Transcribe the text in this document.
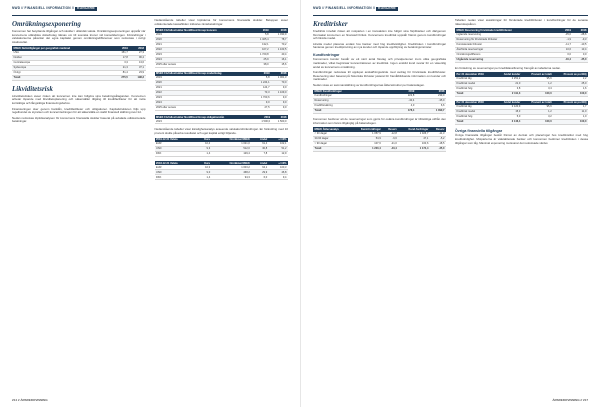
NWD // FINANSIELL INFORMATION // KONCERN
Omräkningsexponering

Koncernen har betydande tillgångar och skulder i utländsk valuta. Omräkningsexponeringen uppstår när koncernens utländska dotterbolag räknas om till svenska kronor vid konsolideringen. Förändringar i valutakurserna påverkar det egna kapitalet genom omräkningsdifferenser som redovisas i övrigt totalresultat.

MSEK Nettotillgångar per geografisk marknad	2019	2018
USA	151,7	27,3
Norden	17,8	96,4
Centraleuropa	3,3	13,6
Sydeuropa	21,3	37,1
Övrigt	81,4	23,9
Totalt	275,5	198,3
Likviditetsrisk

Likviditetsrisken avser risken att koncernen inte kan fullgöra sina betalningsåtaganden. Koncernen arbetar löpande med likviditetsplanering och säkerställer tillgång till kreditfaciliteter för att möta kortsiktiga och långsiktiga finansieringsbehov.

Finansieringen sker genom banklån, kreditfaciliteter och obligationer. Kapitalstrukturen följs upp regelbundet av styrelsen och koncernledningen för att säkerställa en stabil finansiell ställning över tid.

Nedan redovisas löptidsanalysen för koncernens finansiella skulder baserat på avtalade odiskonterade betalningar.

Nedanstående tabeller visar löptiderna för koncernens finansiella skulder. Beloppen avser odiskonterade kassaflöden inklusive räntebetalningar.

MSEK Förfallostruktur NordWood Group koncern	2019	2018
2019	5,8	1 033,9
2020	1 325,4	78,7
2021	132,1	70,2
2022	107,2	1 163,5
2023	1 729,8	40,4
2024	25,9	16,1
2025 eller senare	38,0	15,6
MSEK Förfallostruktur NordWood Group moderbolag	2019	2018
2019	5,8	1 001,3
2020	1 224,1	70,0
2021	124,7	9,0
2022	73,3	1 109,0
2023	1 700,6	9,0
2024	9,0	9,0
2025 eller senare	27,5	9,0
MSEK Förfallostruktur NordWood Group obligationslån	2019	2018
2023	1 500,0	1 500,0

Nedanstående tabeller visar känslighetsanalys avseende valutakursförändringar. En förändring med 10 procent skulle påverka resultatet och eget kapital enligt följande.

2019-12-31 Valuta	Kurs	Omräknat MSEK	Andel	+/-10%
EUR	10,4	1 021,0	61,4	102,1
USD	9,3	512,0	30,8	51,2
DKK	1,4	129,4	7,8	12,9
2018-12-31 Valuta	Kurs	Omräknat MSEK	Andel	+/-10%
EUR	10,3	1 003,2	64,1	100,3
USD	9,0	468,2	29,9	46,8
DKK	1,4	94,3	6,0	9,4
214 // ÅRSREDOVISNING
NWD // FINANSIELL INFORMATION // KONCERN
Kreditrisker

Kreditrisk innebär risken att motparten i en transaktion inte fullgör sina förpliktelser och därigenom förorsakar koncernen en finansiell förlust. Koncernens kreditrisk uppstår främst genom kundfordringar och likvida medel.

Likvida medel placeras endast hos banker med hög kreditvärdighet. Kreditrisken i kundfordringar hanteras genom kreditprövning av nya kunder och löpande uppföljning av betalningsmönster.

Kundfordringar

Koncernens kunder består av ett stort antal företag och privatpersoner inom olika geografiska marknader, vilket begränsar koncentrationen av kreditrisk. Ingen enskild kund svarar för en väsentlig andel av koncernens omsättning.

Kundfordringar redovisas till upplupet anskaffningsvärde med avdrag för förväntade kreditförluster. Reservering sker baserat på historiska förluster justerat för framåtblickande information om kunder och marknader.

Nedan visas en sammanställning av kundfordringarnas åldersstruktur per balansdagen.

MSEK Kundfordringar	2019	2018
Kundfordringar	222,8	239,9
Reservering	-40,4	-35,0
Kreditförsäkring	4,0	6,6
Totalt	178,4	1 090,7

Koncernen bedömer att de reserveringar som gjorts för osäkra kundfordringar är tillräckliga utifrån den information som fanns tillgänglig på balansdagen.

MSEK Åldersanalys	Kund-fordringar	Reserv	Kund-fordringar	Reserv
< 30 dagar	1 057,9	-12,8	1 026,7	-11,3
30-90 dagar	54,9	-6,6	47,1	-5,2
> 90 dagar	107,6	-21,0	100,6	-18,5
Totalt	1 220,4	-40,4	1 174,4	-35,0

Tabellen nedan visar avsättningar för förväntade kreditförluster i kundfordringar för de senaste räkenskapsåren.

MSEK Reservering förväntade kreditförluster	2019	2018
Ingående reservering	-35,0	-28,6
Reservering för förväntade förluster	-1,9	-9,3
Konstaterade förluster	-11,7	-10,5
Återförda reserveringar	10,6	13,4
Omräkningsdifferens	0,0	0,0
Utgående reservering	-40,4	-35,0

En fördelning av reserveringar per kreditklassificering framgår av tabellerna nedan.

Per 31 december 2019	Andel kunder	Procent av totalt	Procent av portfölj
Kreditrisk låg	2 251,2	95,6	2,2
Kreditrisk medel	21,0	1,2	25,0
Kreditrisk hög	3,8	3,4	1,6
Totalt	2 411,3	100,0	100,0
Per 31 december 2018	Andel kunder	Procent av totalt	Procent av portfölj
Kreditrisk låg	2 120,9	95,6	1,7
Kreditrisk medel	15,3	1,2	11,0
Kreditrisk hög	5,0	3,2	1,0
Totalt	2 146,4	100,0	100,0
Övriga finansiella tillgångar

Övriga finansiella tillgångar består främst av derivat och placeringar hos kreditinstitut med hög kreditvärdighet. Motparterna är väletablerade banker och koncernen bedömer kreditrisken i dessa tillgångar som låg. Maximal exponering motsvarar det redovisade värdet.

ÅRSREDOVISNING // 217
